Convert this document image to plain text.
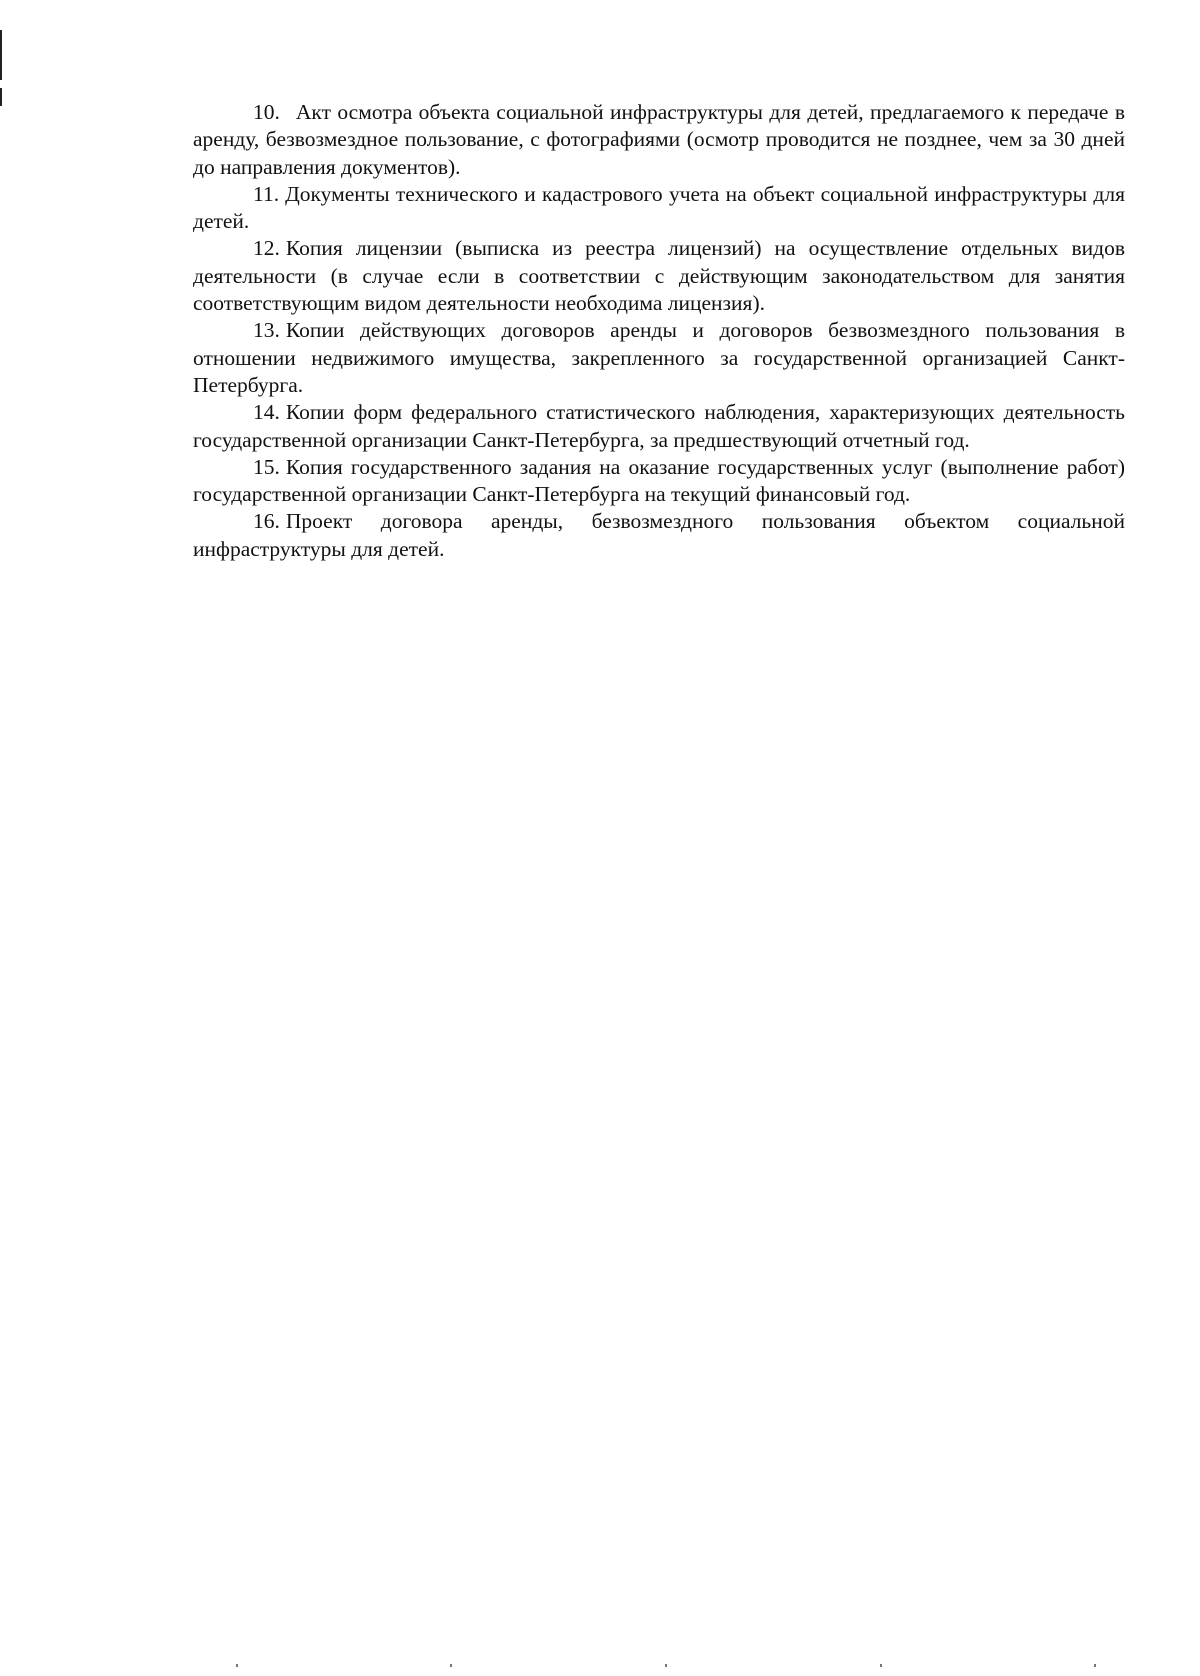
10. Акт осмотра объекта социальной инфраструктуры для детей, предлагаемого к передаче в аренду, безвозмездное пользование, с фотографиями (осмотр проводится не позднее, чем за 30 дней до направления документов).

11. Документы технического и кадастрового учета на объект социальной инфраструктуры для детей.

12. Копия лицензии (выписка из реестра лицензий) на осуществление отдельных видов деятельности (в случае если в соответствии с действующим законодательством для занятия соответствующим видом деятельности необходима лицензия).

13. Копии действующих договоров аренды и договоров безвозмездного пользования в отношении недвижимого имущества, закрепленного за государственной организацией Санкт-Петербурга.

14. Копии форм федерального статистического наблюдения, характеризующих деятельность государственной организации Санкт-Петербурга, за предшествующий отчетный год.

15. Копия государственного задания на оказание государственных услуг (выполнение работ) государственной организации Санкт-Петербурга на текущий финансовый год.

16. Проект договора аренды, безвозмездного пользования объектом социальной инфраструктуры для детей.
